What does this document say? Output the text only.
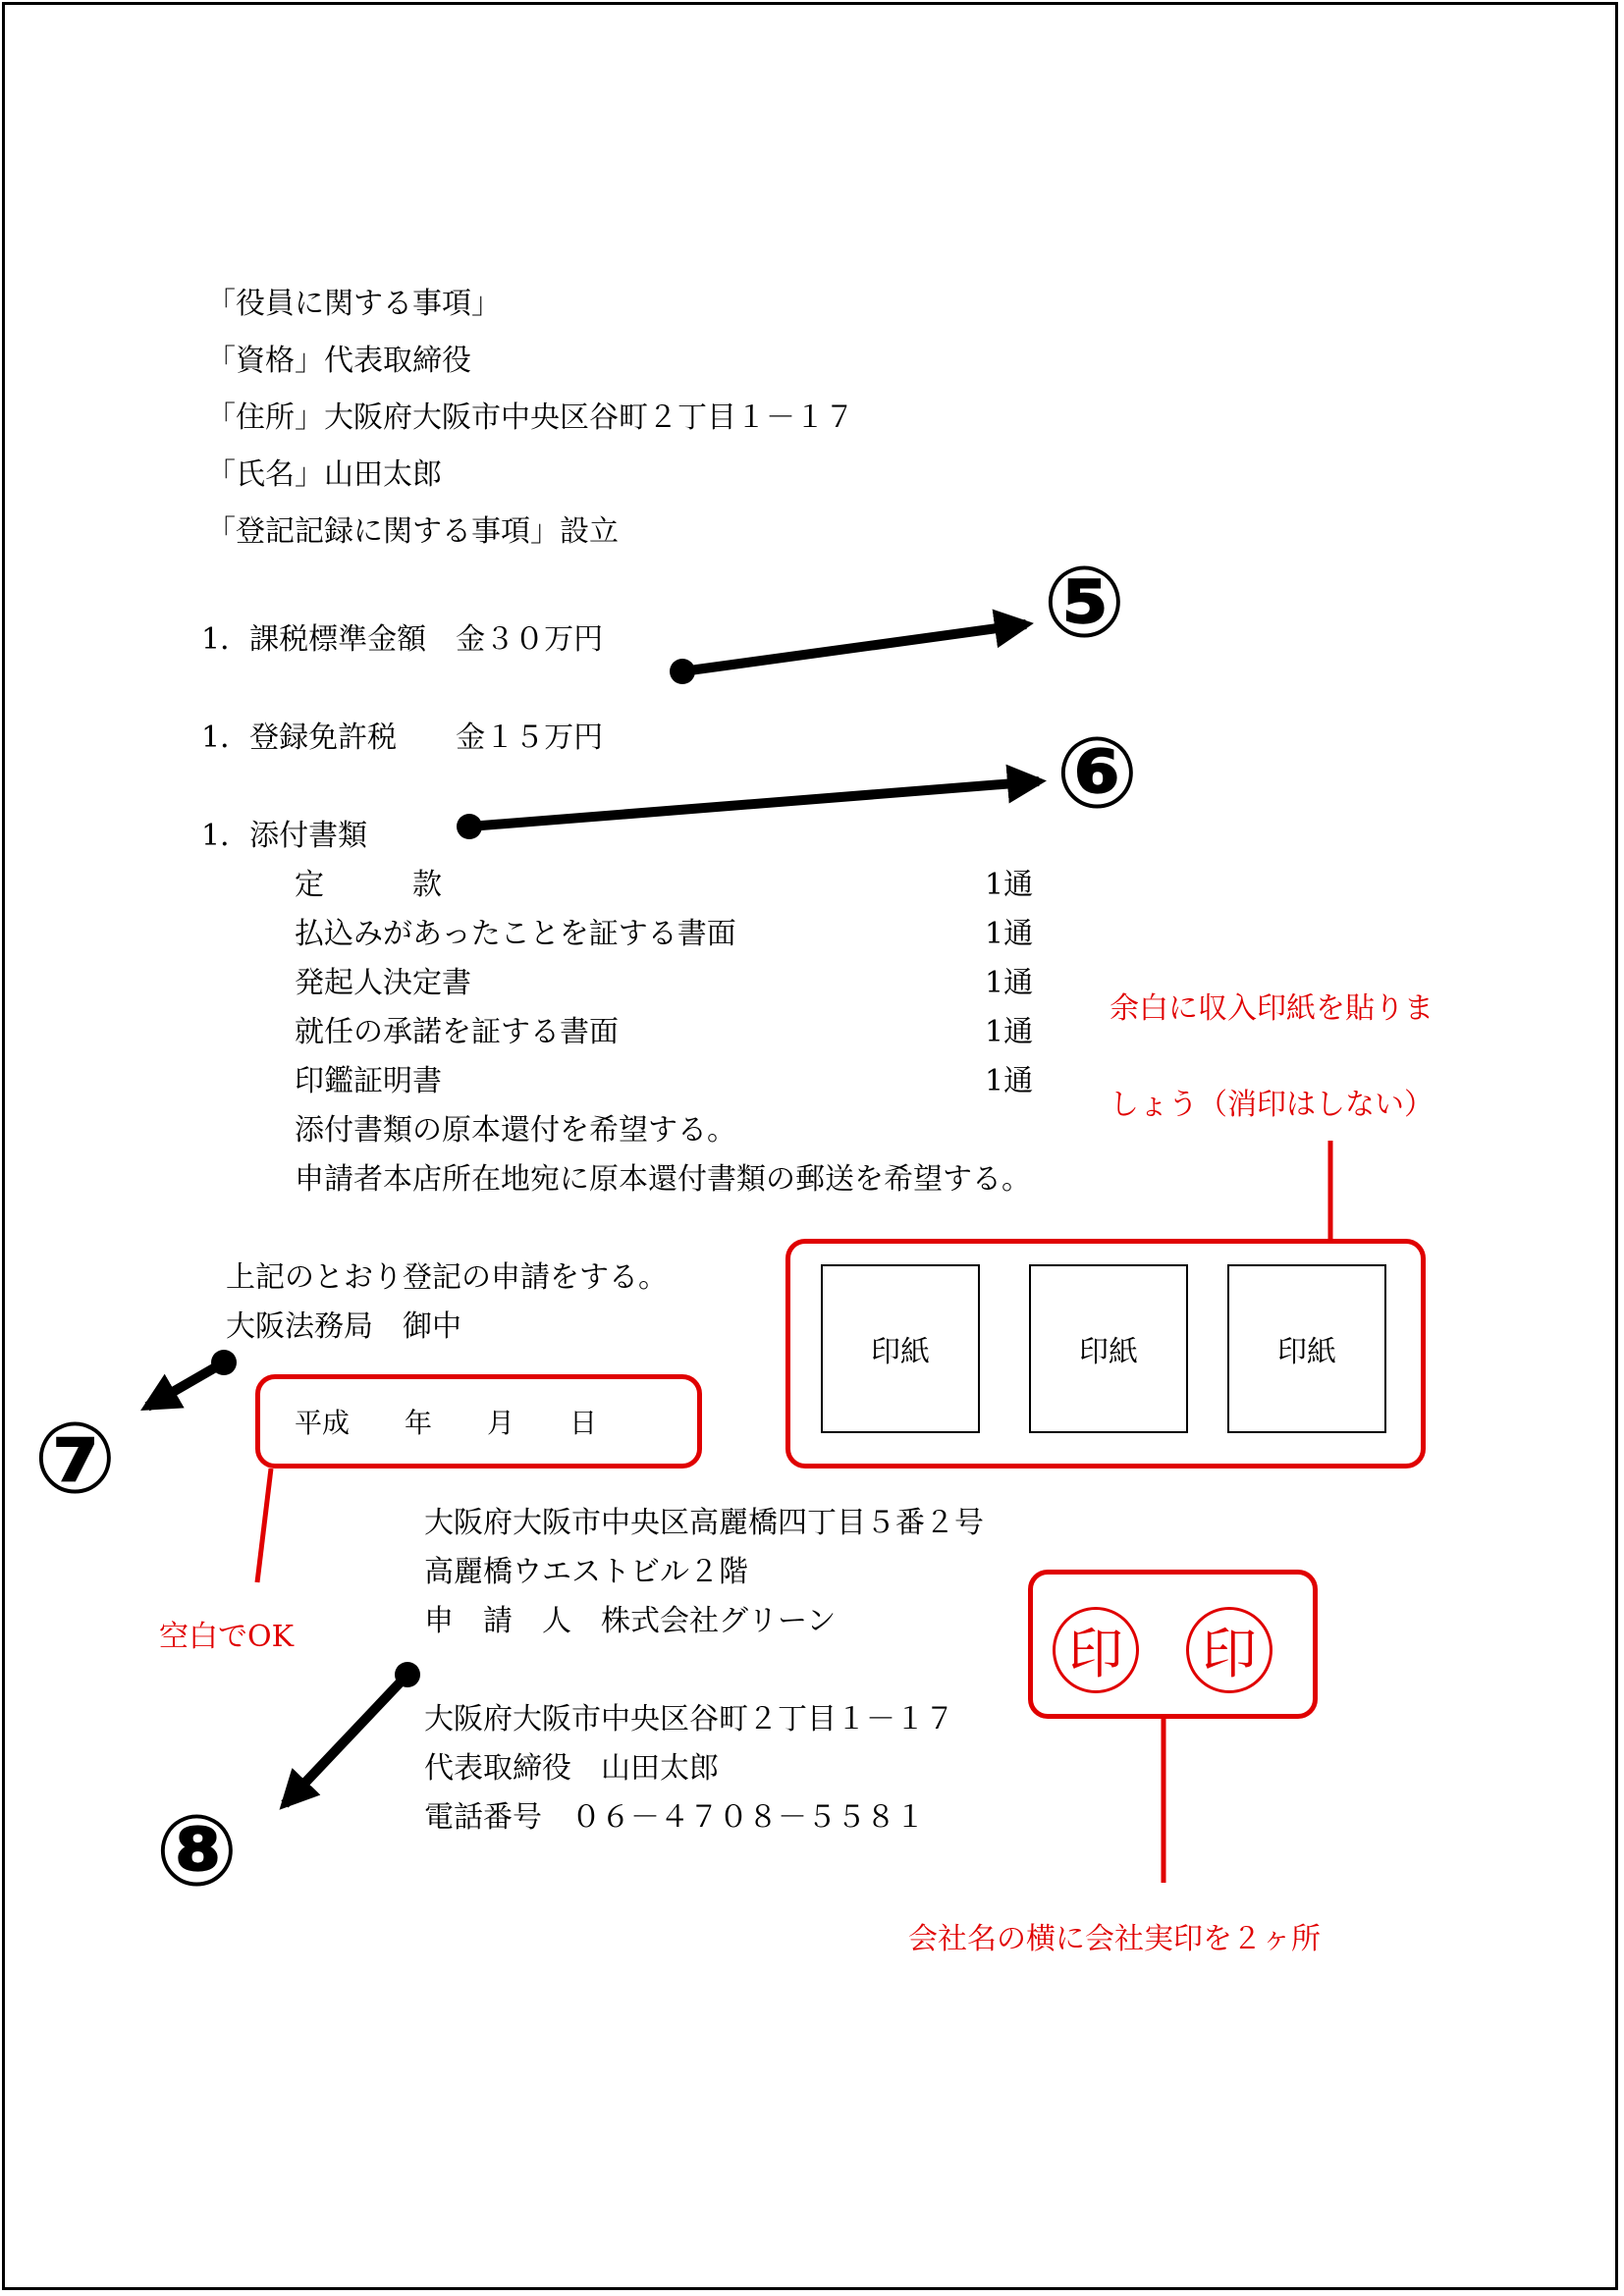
「役員に関する事項」
「資格」代表取締役
「住所」大阪府大阪市中央区谷町２丁目１－１７
「氏名」山田太郎
「登記記録に関する事項」設立
1．課税標準金額　金３０万円
1．登録免許税　　金１５万円
1．添付書類
定　　　款	1通
払込みがあったことを証する書面	1通
発起人決定書	1通
就任の承諾を証する書面	1通
印鑑証明書	1通
添付書類の原本還付を希望する。
申請者本店所在地宛に原本還付書類の郵送を希望する。
上記のとおり登記の申請をする。
大阪法務局　御中
平成　　年　　月　　日
大阪府大阪市中央区高麗橋四丁目５番２号
高麗橋ウエストビル２階
申　請　人　株式会社グリーン
大阪府大阪市中央区谷町２丁目１－１７
代表取締役　山田太郎
電話番号　０６－４７０８－５５８１
余白に収入印紙を貼りま
しょう（消印はしない）
空白でOK
会社名の横に会社実印を２ヶ所
印紙	印紙	印紙
印 印
⑤
⑥
⑦
⑧
